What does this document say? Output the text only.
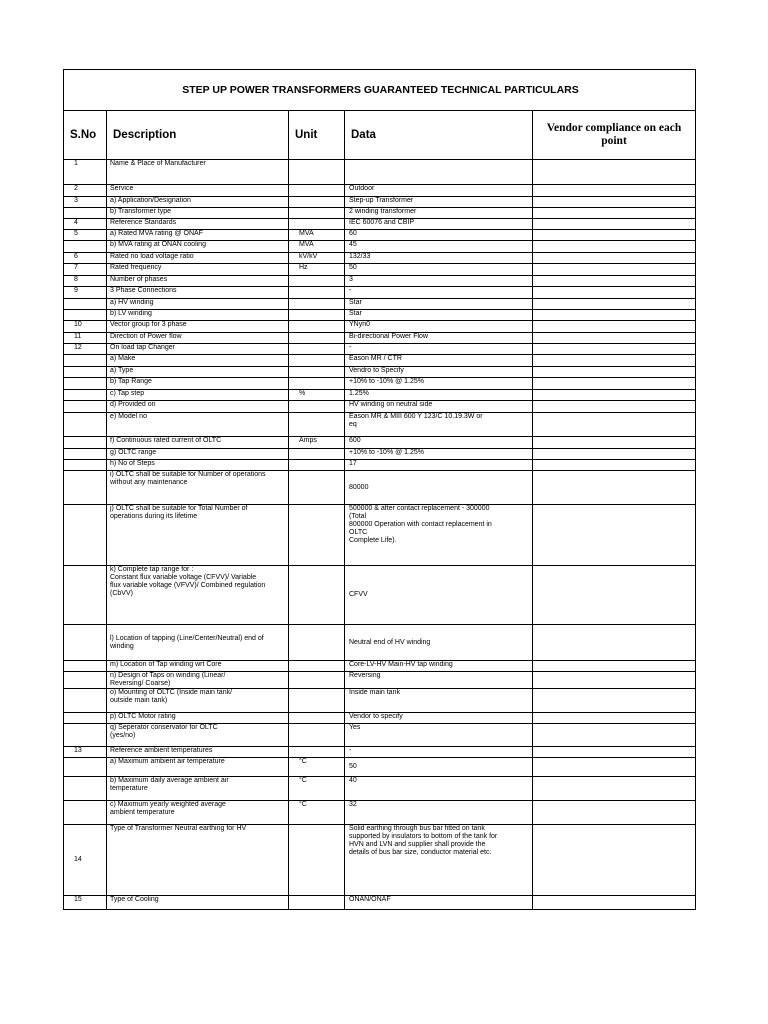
STEP UP POWER TRANSFORMERS GUARANTEED TECHNICAL PARTICULARS				
S.No	Description	Unit	Data	Vendor compliance on each point
1	Name & Place of Manufacturer			
2	Service		Outdoor	
3	a) Application/Designation		Step-up Transformer	
	b) Transformer type		2 winding transformer	
4	Reference Standards		IEC 60076 and CBIP	
5	a) Rated MVA rating @ ONAF	MVA	60	
	b) MVA rating at ONAN cooling	MVA	45	
6	Rated no load voltage ratio	kV/kV	132/33	
7	Rated frequency	Hz	50	
8	Number of phases		3	
9	3 Phase Connections		-	
	a) HV winding		Star	
	b) LV winding		Star	
10	Vector group for 3 phase		YNyn0	
11	Direction of Power flow		Bi-directional Power Flow	
12	On load tap Changer		-	
	a) Make		Eason MR / CTR	
	a) Type		Vendro to Specify	
	b) Tap Range		+10% to -10% @ 1.25%	
	c) Tap step	%	1.25%	
	d) Provided on		HV winding on neutral side	
	e) Model no		Eason MR & MIII 600 Y 123/C 10.19.3W or
eq	
	f) Continuous rated current of OLTC	Amps	600	
	g) OLTC range		+10% to -10% @ 1.25%	
	h) No of Steps		17	
	i) OLTC shall be suitable for Number of operations
without any maintenance		80000	
	j) OLTC shall be suitable for Total Number of
operations during its lifetime		500000 & after contact replacement - 300000
(Total
800000 Operation with contact replacement in
OLTC
Complete Life).	
	k) Complete tap range for :
Constant flux variable voltage (CFVV)/ Variable
flux variable voltage (VFVV)/ Combined regulation
(CbVV)		CFVV	
	l) Location of tapping (Line/Center/Neutral) end of
winding		Neutral end of HV winding	
	m) Location of Tap winding wrt Core		Core-LV-HV Main-HV tap winding	
	n) Design of Taps on winding (Linear/
Reversing/ Coarse)		Reversing	
	o) Mounting of OLTC (Inside main tank/
outside main tank)		Inside main tank	
	p) OLTC Motor rating		Vendor to specify	
	q) Seperator conservator for OLTC
(yes/no)		Yes	
13	Reference ambient temperatures		-	
	a) Maximum ambient air temperature	°C	50	
	b) Maximum daily average ambient air
temperature	°C	40	
	c) Maximum yearly weighted average
ambient temperature	°C	32	
14	Type of Transformer Neutral earthing for HV		Solid earthing through bus bar fitted on tank
supported by insulators to bottom of the tank for
HVN and LVN and supplier shall provide the
details of bus bar size, conductor material etc.	
15	Type of Cooling		ONAN/ONAF	
